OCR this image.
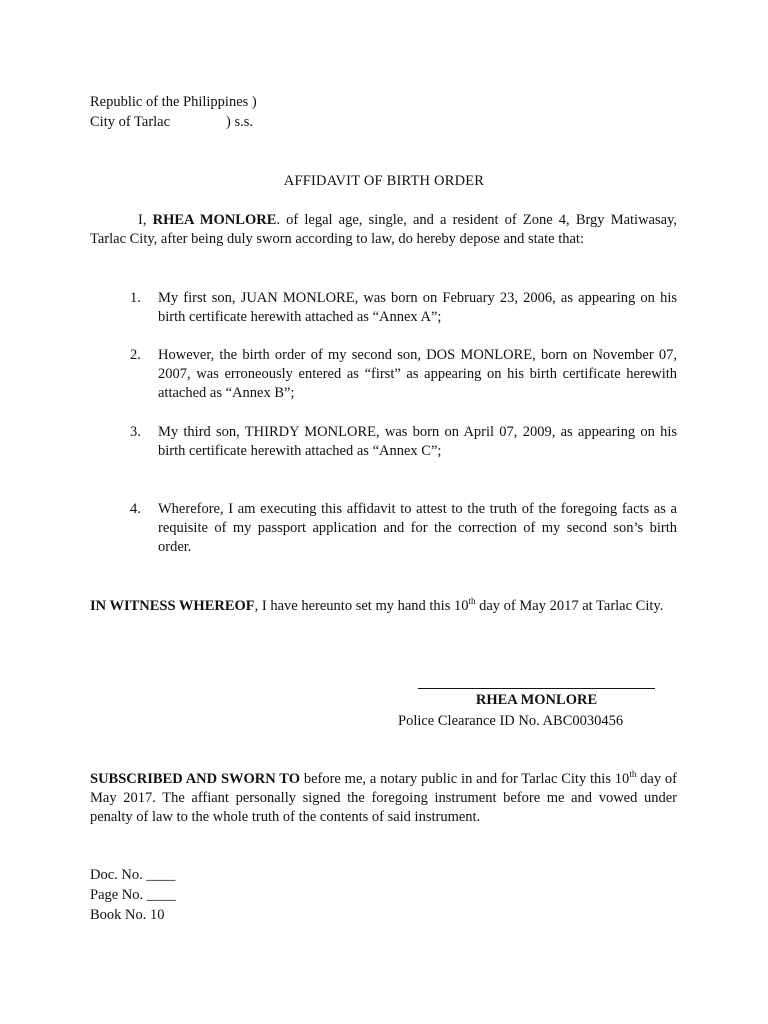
Republic of the Philippines )
City of Tarlac	) s.s.
AFFIDAVIT OF BIRTH ORDER
I, RHEA MONLORE. of legal age, single, and a resident of Zone 4, Brgy Matiwasay, Tarlac City, after being duly sworn according to law, do hereby depose and state that:
1.	My first son, JUAN MONLORE, was born on February 23, 2006, as appearing on his birth certificate herewith attached as “Annex A”;
2.	However, the birth order of my second son, DOS MONLORE, born on November 07, 2007, was erroneously entered as “first” as appearing on his birth certificate herewith attached as “Annex B”;
3.	My third son, THIRDY MONLORE, was born on April 07, 2009, as appearing on his birth certificate herewith attached as “Annex C”;
4.	Wherefore, I am executing this affidavit to attest to the truth of the foregoing facts as a requisite of my passport application and for the correction of my second son’s birth order.
IN WITNESS WHEREOF, I have hereunto set my hand this 10th day of May 2017 at Tarlac City.
RHEA MONLORE
Police Clearance ID No. ABC0030456
SUBSCRIBED AND SWORN TO before me, a notary public in and for Tarlac City this 10th day of May 2017. The affiant personally signed the foregoing instrument before me and vowed under penalty of law to the whole truth of the contents of said instrument.
Doc. No. ____
Page No. ____
Book No. 10
